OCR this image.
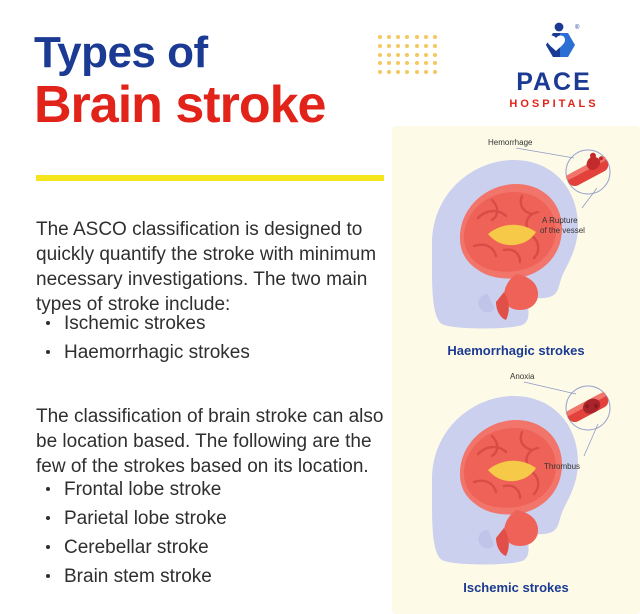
Types of
Brain stroke
®
PACE
HOSPITALS

The ASCO classification is designed to quickly quantify the stroke with minimum necessary investigations. The two main types of stroke include:

Ischemic strokes
Haemorrhagic strokes

The classification of brain stroke can also be location based. The following are the few of the strokes based on its location.

Frontal lobe stroke
Parietal lobe stroke
Cerebellar stroke
Brain stem stroke
Hemorrhage
A Rupture
of the vessel
Haemorrhagic strokes
Anoxia
Thrombus
Ischemic strokes
